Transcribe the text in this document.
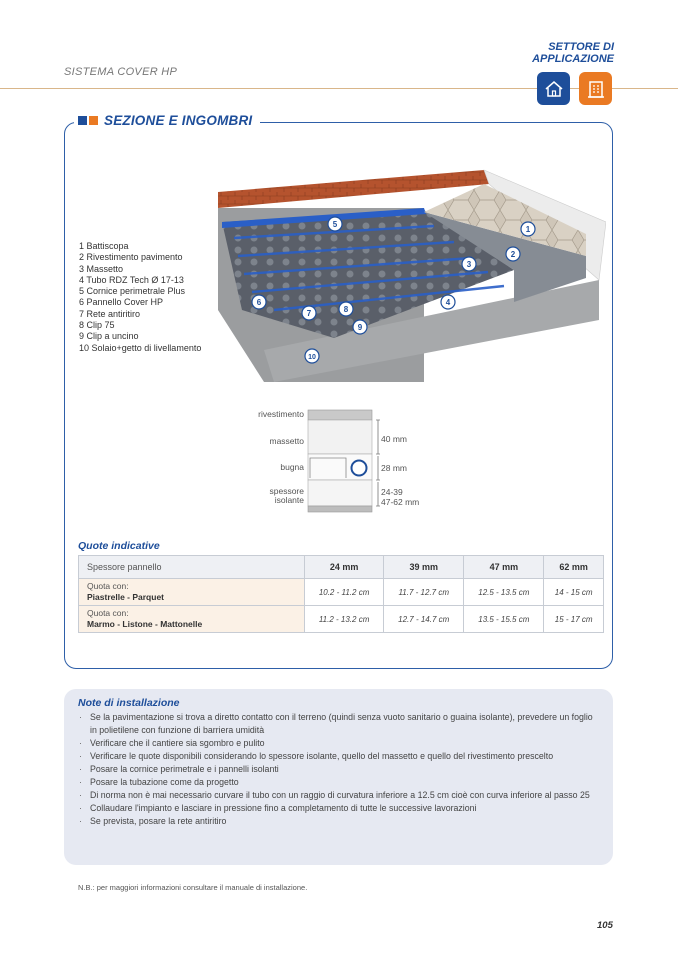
SISTEMA COVER HP
SETTORE DI
APPLICAZIONE
SEZIONE E INGOMBRI
1 Battiscopa
2 Rivestimento pavimento
3 Massetto
4 Tubo RDZ Tech Ø 17-13
5 Cornice perimetrale Plus
6 Pannello Cover HP
7 Rete antiritiro
8 Clip 75
9 Clip a uncino
10 Solaio+getto di livellamento
1
2
3
4
5
6
7	8
9
10
rivestimento
massetto
bugna
spessore
isolante
40 mm
28 mm
24-39
47-62 mm
Quote indicative
Spessore pannello	24 mm	39 mm	47 mm	62 mm

Quota con:
Piastrelle - Parquet	10.2 - 11.2 cm	11.7 - 12.7 cm	12.5 - 13.5 cm	14 - 15 cm

Quota con:
Marmo - Listone - Mattonelle	11.2 - 13.2 cm	12.7 - 14.7 cm	13.5 - 15.5 cm	15 - 17 cm
Note di installazione
· Se la pavimentazione si trova a diretto contatto con il terreno (quindi senza vuoto sanitario o guaina isolante), prevedere un foglio in polietilene con funzione di barriera umidità
· Verificare che il cantiere sia sgombro e pulito
· Verificare le quote disponibili considerando lo spessore isolante, quello del massetto e quello del rivestimento prescelto
· Posare la cornice perimetrale e i pannelli isolanti
· Posare la tubazione come da progetto
· Di norma non è mai necessario curvare il tubo con un raggio di curvatura inferiore a 12.5 cm cioè con curva inferiore al passo 25
· Collaudare l'impianto e lasciare in pressione fino a completamento di tutte le successive lavorazioni
· Se prevista, posare la rete antiritiro
N.B.: per maggiori informazioni consultare il manuale di installazione.
105
